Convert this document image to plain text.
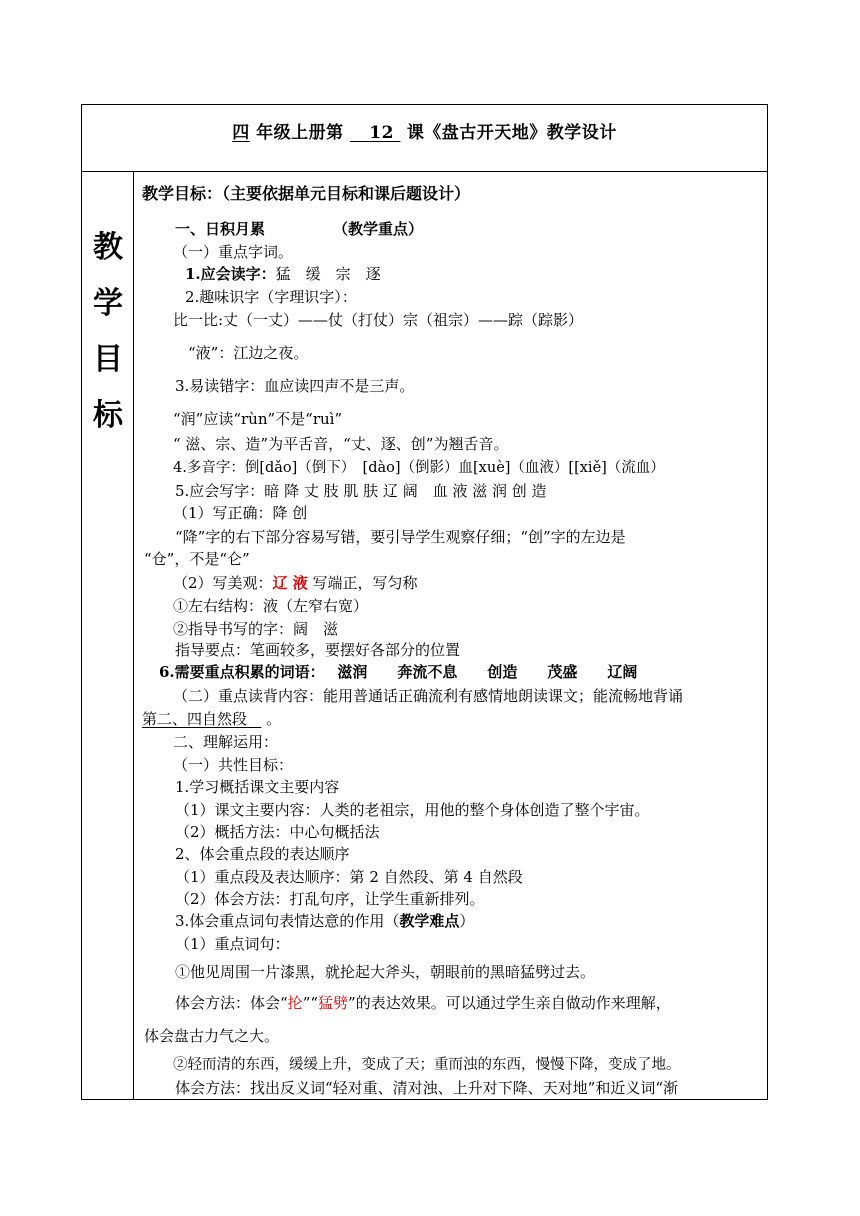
四 年级上册第 12 课《盘古开天地》教学设计
教
学
目
标
教学目标：（主要依据单元目标和课后题设计）
一、日积月累	（教学重点）
（一）重点字词。
1.应会读字：猛　缓　宗　逐
2.趣味识字（字理识字）：
比一比:丈（一丈）——仗（打仗）宗（祖宗）——踪（踪影）
“液”：江边之夜。
3.易读错字：血应读四声不是三声。
“润”应读“rùn”不是“ruì”
“ 滋、宗、造”为平舌音，“丈、逐、创”为翘舌音。
4.多音字：倒[dǎo]（倒下）　[dào]（倒影）血[xuè]（血液）[[xiě]（流血）
5.应会写字：暗 降 丈 肢 肌 肤 辽 阔　血 液 滋 润 创 造
（1）写正确：降 创
“降”字的右下部分容易写错，要引导学生观察仔细；“创”字的左边是
“仓”，不是“仑”
（2）写美观：辽 液 写端正，写匀称
①左右结构：液（左窄右宽）
②指导书写的字：阔　滋
指导要点：笔画较多，要摆好各部分的位置
6.需要重点积累的词语：　 滋润　　奔流不息　　创造　　茂盛　　辽阔
（二）重点读背内容：能用普通话正确流利有感情地朗读课文；能流畅地背诵
第二、四自然段 。
二、理解运用：
（一）共性目标：
1.学习概括课文主要内容
（1）课文主要内容：人类的老祖宗，用他的整个身体创造了整个宇宙。
（2）概括方法：中心句概括法
2、体会重点段的表达顺序
（1）重点段及表达顺序：第 2 自然段、第 4 自然段
（2）体会方法：打乱句序，让学生重新排列。
3.体会重点词句表情达意的作用（教学难点）
（1）重点词句：
①他见周围一片漆黑，就抡起大斧头，朝眼前的黑暗猛劈过去。
体会方法：体会“抡”“猛劈”的表达效果。可以通过学生亲自做动作来理解，
体会盘古力气之大。
②轻而清的东西，缓缓上升，变成了天；重而浊的东西，慢慢下降，变成了地。
体会方法：找出反义词“轻对重、清对浊、上升对下降、天对地”和近义词“渐
